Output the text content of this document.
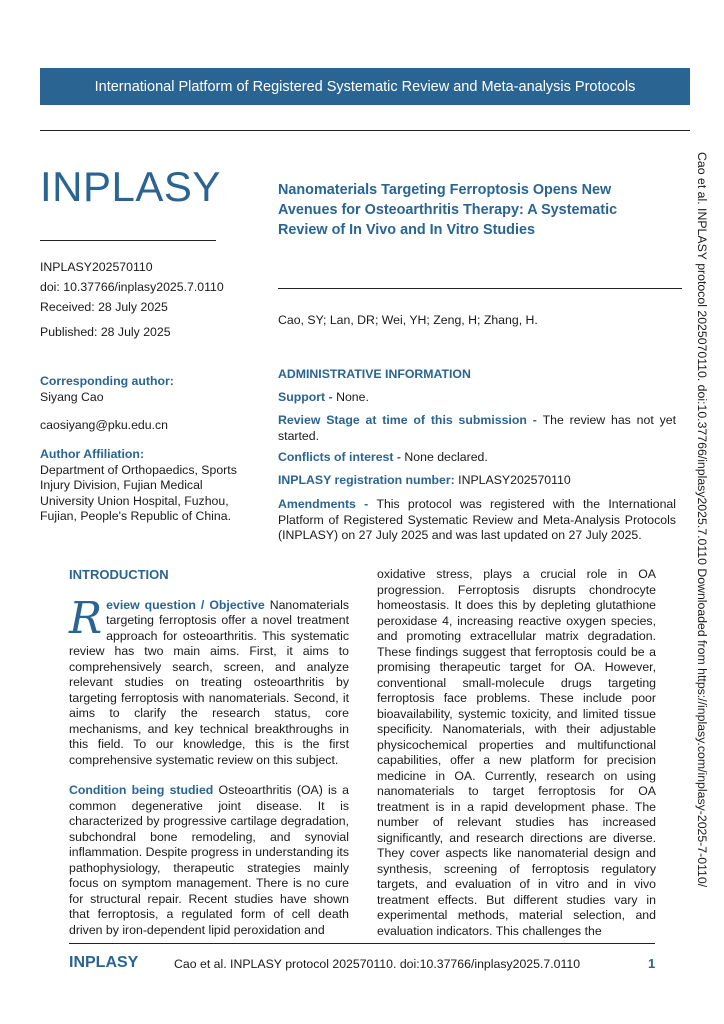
International Platform of Registered Systematic Review and Meta-analysis Protocols
INPLASY
INPLASY202570110
doi: 10.37766/inplasy2025.7.0110
Received: 28 July 2025
Published: 28 July 2025
Nanomaterials Targeting Ferroptosis Opens New Avenues for Osteoarthritis Therapy: A Systematic Review of In Vivo and In Vitro Studies
Cao, SY; Lan, DR; Wei, YH; Zeng, H; Zhang, H.
Corresponding author:
Siyang Cao
caosiyang@pku.edu.cn
Author Affiliation:
Department of Orthopaedics, Sports Injury Division, Fujian Medical University Union Hospital, Fuzhou, Fujian, People's Republic of China.
ADMINISTRATIVE INFORMATION
Support - None.
Review Stage at time of this submission - The review has not yet started.
Conflicts of interest - None declared.
INPLASY registration number: INPLASY202570110
Amendments - This protocol was registered with the International Platform of Registered Systematic Review and Meta-Analysis Protocols (INPLASY) on 27 July 2025 and was last updated on 27 July 2025.
INTRODUCTION
Review question / Objective Nanomaterials targeting ferroptosis offer a novel treatment approach for osteoarthritis. This systematic review has two main aims. First, it aims to comprehensively search, screen, and analyze relevant studies on treating osteoarthritis by targeting ferroptosis with nanomaterials. Second, it aims to clarify the research status, core mechanisms, and key technical breakthroughs in this field. To our knowledge, this is the first comprehensive systematic review on this subject.
Condition being studied Osteoarthritis (OA) is a common degenerative joint disease. It is characterized by progressive cartilage degradation, subchondral bone remodeling, and synovial inflammation. Despite progress in understanding its pathophysiology, therapeutic strategies mainly focus on symptom management. There is no cure for structural repair. Recent studies have shown that ferroptosis, a regulated form of cell death driven by iron-dependent lipid peroxidation and
oxidative stress, plays a crucial role in OA progression. Ferroptosis disrupts chondrocyte homeostasis. It does this by depleting glutathione peroxidase 4, increasing reactive oxygen species, and promoting extracellular matrix degradation. These findings suggest that ferroptosis could be a promising therapeutic target for OA. However, conventional small-molecule drugs targeting ferroptosis face problems. These include poor bioavailability, systemic toxicity, and limited tissue specificity. Nanomaterials, with their adjustable physicochemical properties and multifunctional capabilities, offer a new platform for precision medicine in OA. Currently, research on using nanomaterials to target ferroptosis for OA treatment is in a rapid development phase. The number of relevant studies has increased significantly, and research directions are diverse. They cover aspects like nanomaterial design and synthesis, screening of ferroptosis regulatory targets, and evaluation of in vitro and in vivo treatment effects. But different studies vary in experimental methods, material selection, and evaluation indicators. This challenges the
Cao et al. INPLASY protocol 2025070110. doi:10.37766/inplasy2025.7.0110 Downloaded from https://inplasy.com/inplasy-2025-7-0110/
INPLASY	Cao et al. INPLASY protocol 202570110. doi:10.37766/inplasy2025.7.0110	1
